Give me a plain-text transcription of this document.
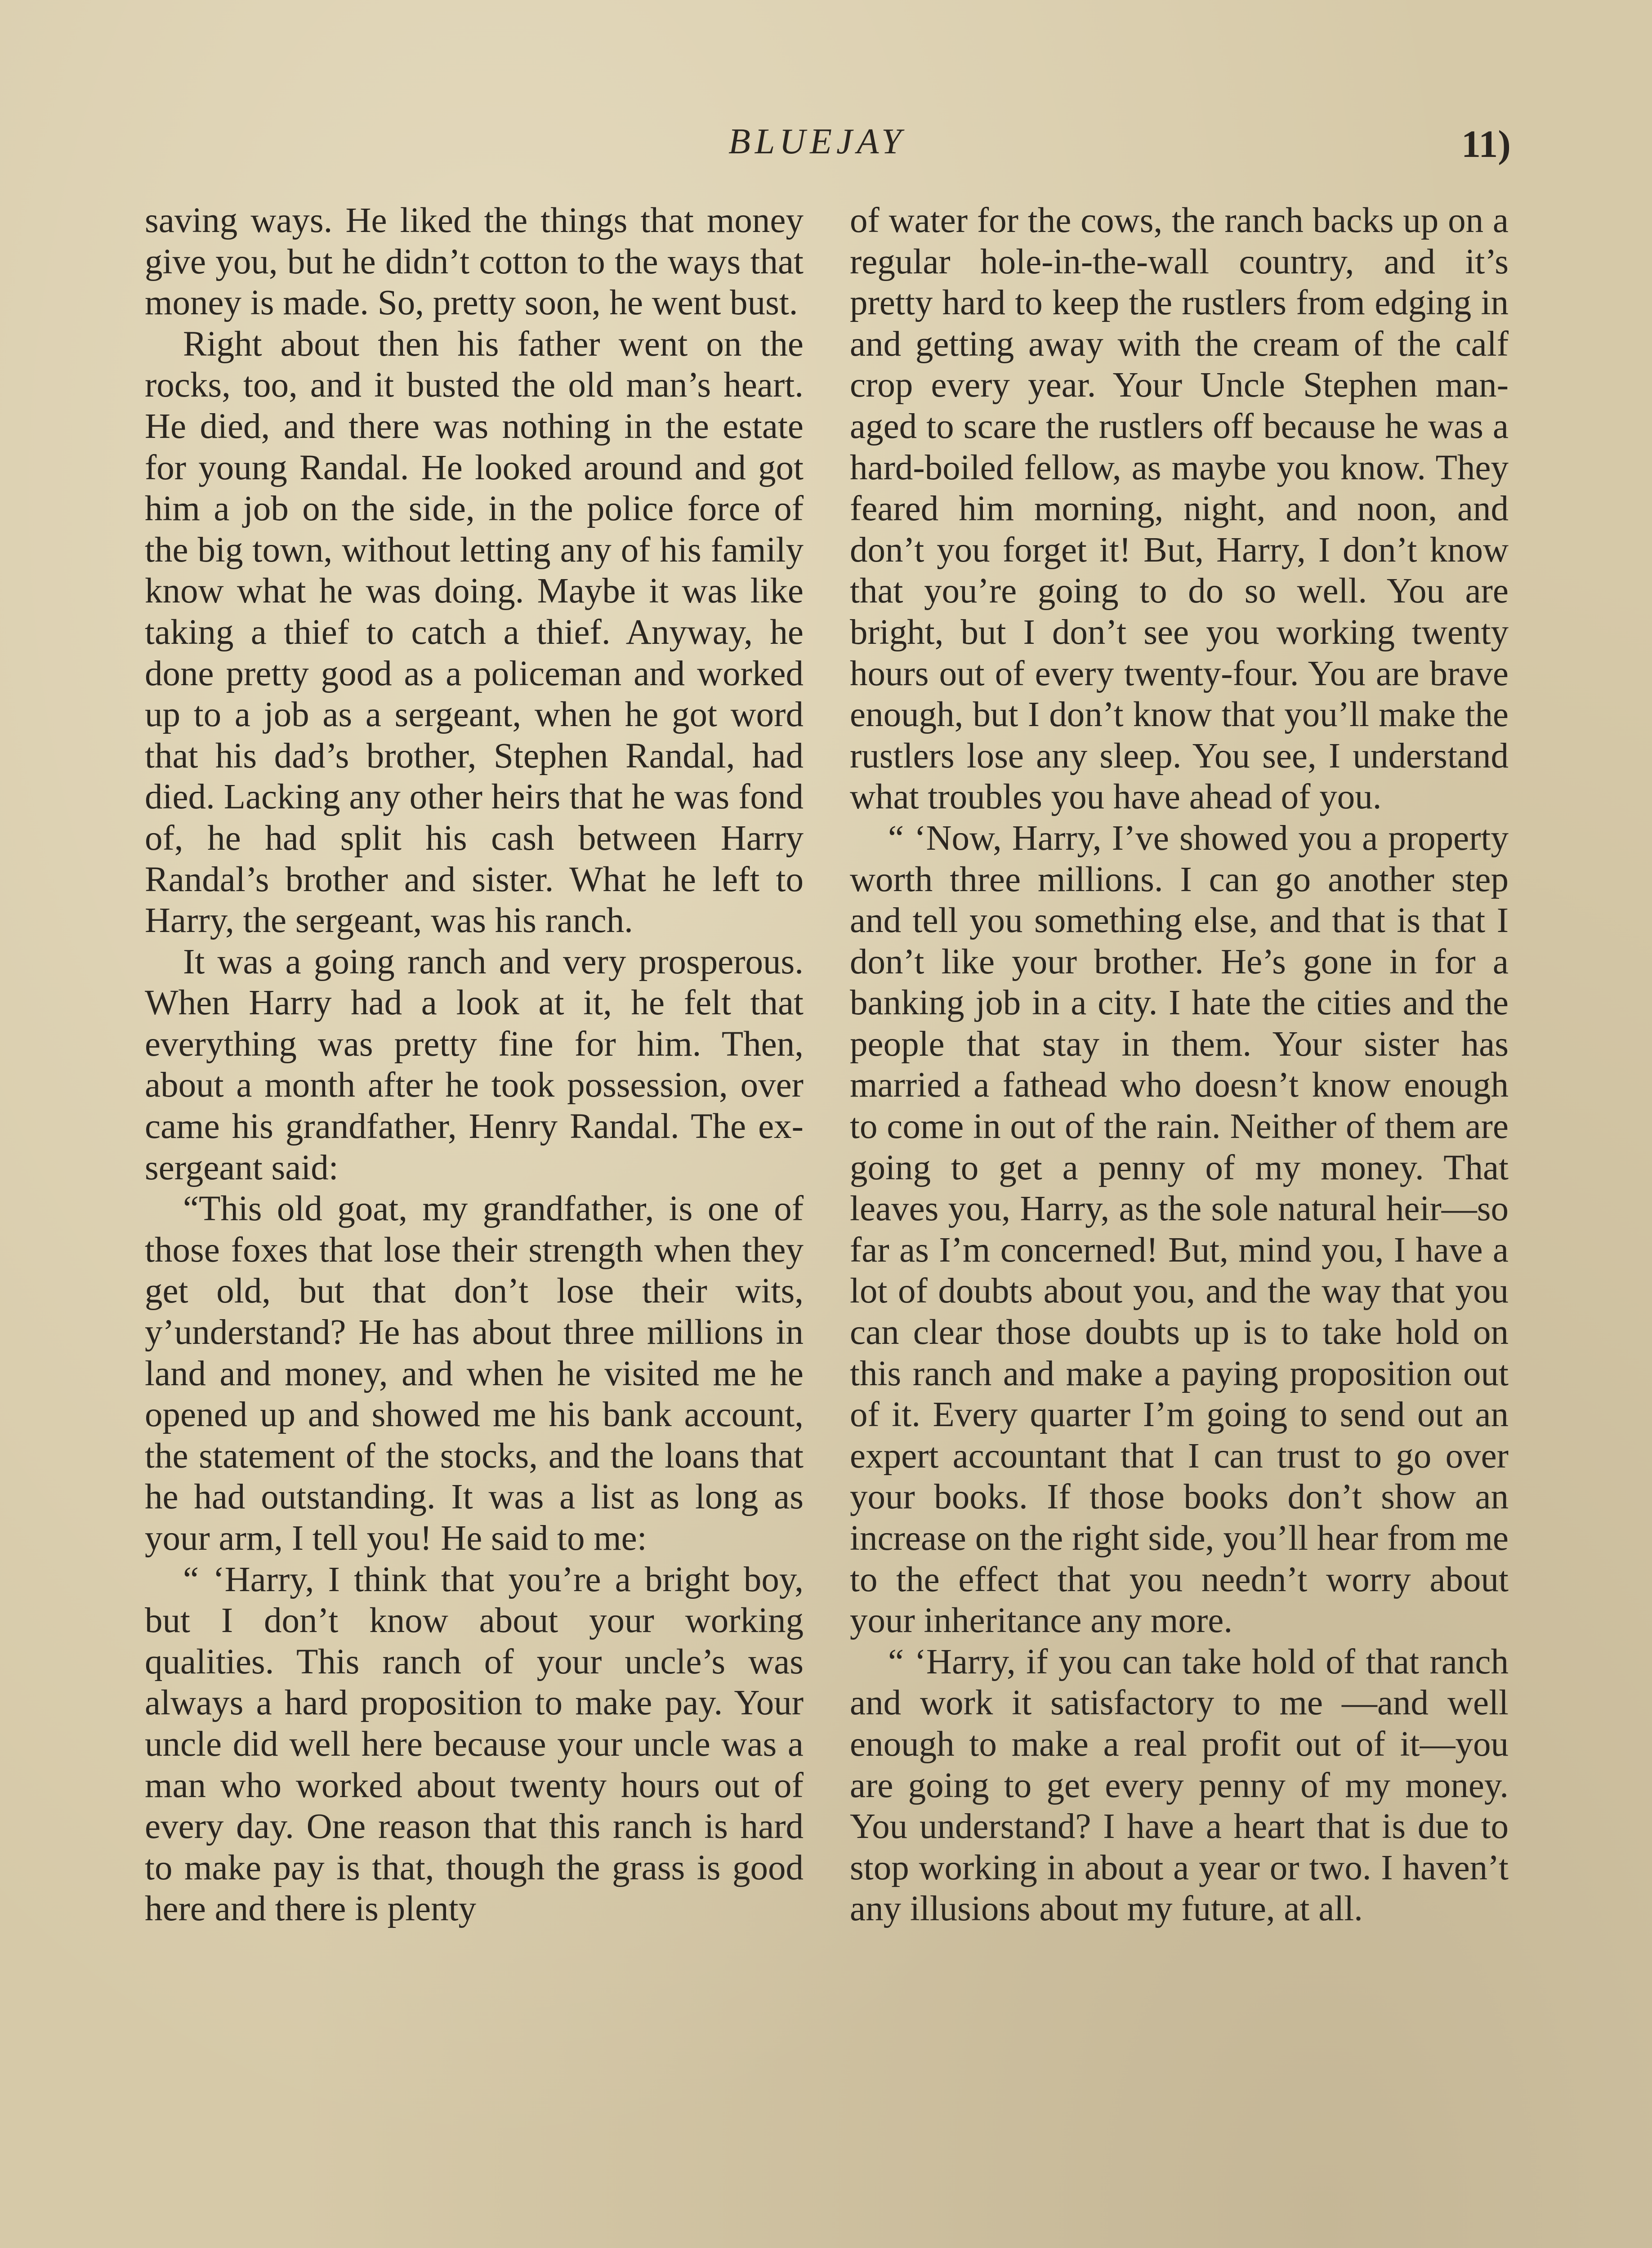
BLUEJAY	11)

saving ways. He liked the things that money give you, but he didn’t cotton to the ways that money is made. So, pretty soon, he went bust.

Right about then his father went on the rocks, too, and it busted the old man’s heart. He died, and there was nothing in the estate for young Randal. He looked around and got him a job on the side, in the police force of the big town, without letting any of his family know what he was doing. Maybe it was like taking a thief to catch a thief. Anyway, he done pretty good as a policeman and worked up to a job as a sergeant, when he got word that his dad’s brother, Stephen Randal, had died. Lacking any other heirs that he was fond of, he had split his cash between Harry Randal’s brother and sister. What he left to Harry, the sergeant, was his ranch.

It was a going ranch and very prosperous. When Harry had a look at it, he felt that everything was pretty fine for him. Then, about a month after he took possession, over came his grandfather, Henry Randal. The ex-sergeant said:

“This old goat, my grandfather, is one of those foxes that lose their strength when they get old, but that don’t lose their wits, y’understand? He has about three millions in land and money, and when he visited me he opened up and showed me his bank account, the statement of the stocks, and the loans that he had outstanding. It was a list as long as your arm, I tell you! He said to me:

“ ‘Harry, I think that you’re a bright boy, but I don’t know about your working qualities. This ranch of your uncle’s was always a hard proposition to make pay. Your uncle did well here because your uncle was a man who worked about twenty hours out of every day. One reason that this ranch is hard to make pay is that, though the grass is good here and there is plenty

of water for the cows, the ranch backs up on a regular hole-in-the-wall country, and it’s pretty hard to keep the rustlers from edging in and getting away with the cream of the calf crop every year. Your Uncle Stephen managed to scare the rustlers off because he was a hard-boiled fellow, as maybe you know. They feared him morning, night, and noon, and don’t you forget it! But, Harry, I don’t know that you’re going to do so well. You are bright, but I don’t see you working twenty hours out of every twenty-four. You are brave enough, but I don’t know that you’ll make the rustlers lose any sleep. You see, I understand what troubles you have ahead of you.

“ ‘Now, Harry, I’ve showed you a property worth three millions. I can go another step and tell you something else, and that is that I don’t like your brother. He’s gone in for a banking job in a city. I hate the cities and the people that stay in them. Your sister has married a fathead who doesn’t know enough to come in out of the rain. Neither of them are going to get a penny of my money. That leaves you, Harry, as the sole natural heir—so far as I’m concerned! But, mind you, I have a lot of doubts about you, and the way that you can clear those doubts up is to take hold on this ranch and make a paying proposition out of it. Every quarter I’m going to send out an expert accountant that I can trust to go over your books. If those books don’t show an increase on the right side, you’ll hear from me to the effect that you needn’t worry about your inheritance any more.

“ ‘Harry, if you can take hold of that ranch and work it satisfactory to me —and well enough to make a real profit out of it—you are going to get every penny of my money. You understand? I have a heart that is due to stop working in about a year or two. I haven’t any illusions about my future, at all.
